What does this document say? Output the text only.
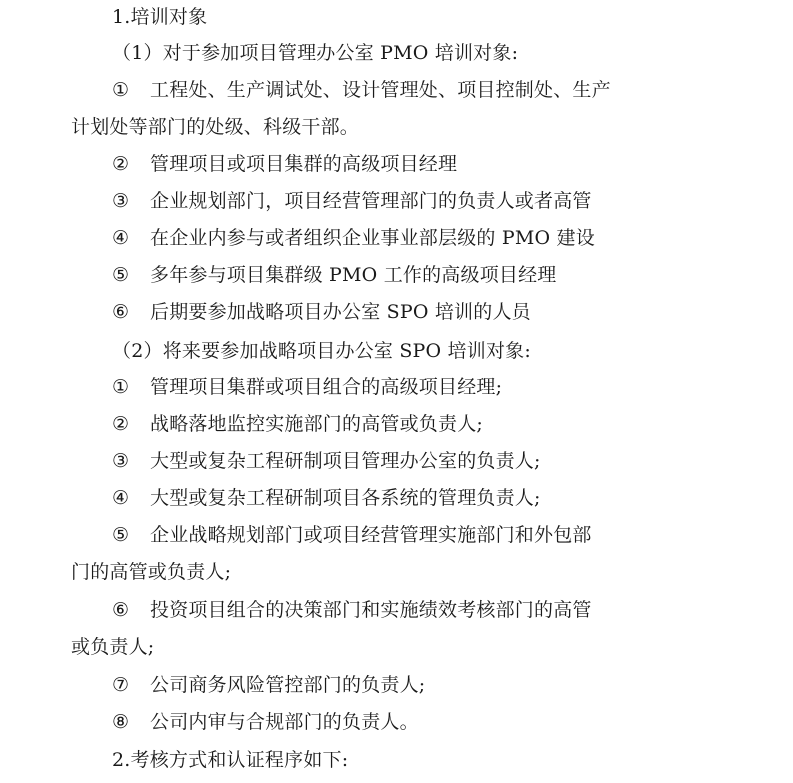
1.培训对象
（1）对于参加项目管理办公室 PMO 培训对象:
① 工程处、生产调试处、设计管理处、项目控制处、生产
计划处等部门的处级、科级干部。
② 管理项目或项目集群的高级项目经理
③ 企业规划部门，项目经营管理部门的负责人或者高管
④ 在企业内参与或者组织企业事业部层级的 PMO 建设
⑤ 多年参与项目集群级 PMO 工作的高级项目经理
⑥ 后期要参加战略项目办公室 SPO 培训的人员
（2）将来要参加战略项目办公室 SPO 培训对象:
① 管理项目集群或项目组合的高级项目经理;
② 战略落地监控实施部门的高管或负责人;
③ 大型或复杂工程研制项目管理办公室的负责人;
④ 大型或复杂工程研制项目各系统的管理负责人;
⑤ 企业战略规划部门或项目经营管理实施部门和外包部
门的高管或负责人;
⑥ 投资项目组合的决策部门和实施绩效考核部门的高管
或负责人;
⑦ 公司商务风险管控部门的负责人;
⑧ 公司内审与合规部门的负责人。
2.考核方式和认证程序如下:
